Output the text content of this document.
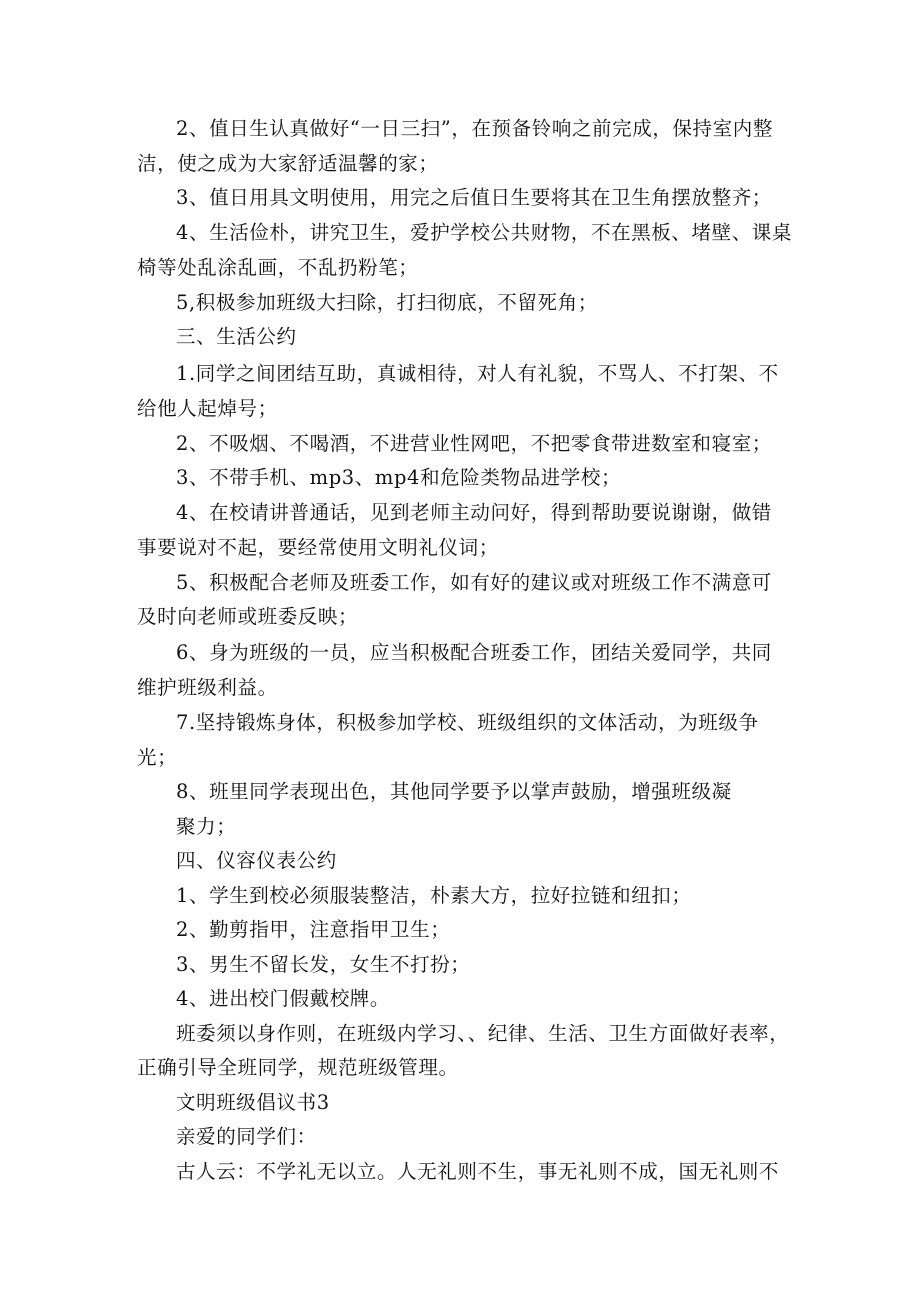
2、值日生认真做好“一日三扫”，在预备铃响之前完成，保持室内整
洁，使之成为大家舒适温馨的家；
3、值日用具文明使用，用完之后值日生要将其在卫生角摆放整齐；
4、生活俭朴，讲究卫生，爱护学校公共财物，不在黑板、堵壁、课桌
椅等处乱涂乱画，不乱扔粉笔；
5,积极参加班级大扫除，打扫彻底，不留死角；
三、生活公约
1.同学之间团结互助，真诚相待，对人有礼貌，不骂人、不打架、不
给他人起焯号；
2、不吸烟、不喝酒，不进营业性网吧，不把零食带进数室和寝室；
3、不带手机、mp3、mp4和危险类物品进学校；
4、在校请讲普通话，见到老师主动问好，得到帮助要说谢谢，做错
事要说对不起，要经常使用文明礼仪词；
5、积极配合老师及班委工作，如有好的建议或对班级工作不满意可
及时向老师或班委反映；
6、身为班级的一员，应当积极配合班委工作，团结关爱同学，共同
维护班级利益。
7.坚持锻炼身体，积极参加学校、班级组织的文体活动，为班级争
光；
8、班里同学表现出色，其他同学要予以掌声鼓励，增强班级凝
聚力；
四、仪容仪表公约
1、学生到校必须服装整洁，朴素大方，拉好拉链和纽扣；
2、勤剪指甲，注意指甲卫生；
3、男生不留长发，女生不打扮；
4、进出校门假戴校牌。
班委须以身作则，在班级内学习、、纪律、生活、卫生方面做好表率，
正确引导全班同学，规范班级管理。
文明班级倡议书3
亲爱的同学们：
古人云：不学礼无以立。人无礼则不生，事无礼则不成，国无礼则不
